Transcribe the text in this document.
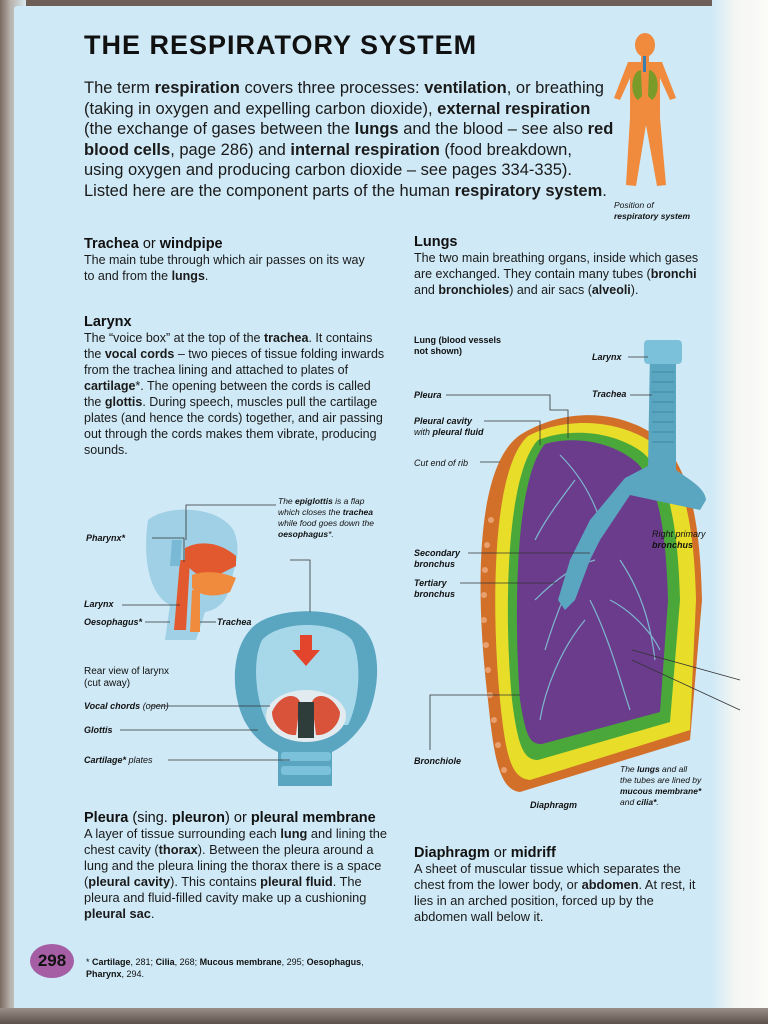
THE RESPIRATORY SYSTEM
The term respiration covers three processes: ventilation, or breathing (taking in oxygen and expelling carbon dioxide), external respiration (the exchange of gases between the lungs and the blood – see also red blood cells, page 286) and internal respiration (food breakdown, using oxygen and producing carbon dioxide – see pages 334-335). Listed here are the component parts of the human respiratory system.
Position of
respiratory system
Trachea or windpipe
The main tube through which air passes on its way to and from the lungs.
Larynx
The “voice box” at the top of the trachea. It contains the vocal cords – two pieces of tissue folding inwards from the trachea lining and attached to plates of cartilage*. The opening between the cords is called the glottis. During speech, muscles pull the cartilage plates (and hence the cords) together, and air passing out through the cords makes them vibrate, producing sounds.
Lungs
The two main breathing organs, inside which gases are exchanged. They contain many tubes (bronchi and bronchioles) and air sacs (alveoli).
The epiglottis is a flap which closes the trachea while food goes down the oesophagus*.
Pharynx*
Larynx
Oesophagus*	Trachea
Rear view of larynx
(cut away)
Vocal chords (open)
Glottis
Cartilage* plates
Lung (blood vessels
not shown)
Larynx
Trachea
Pleura
Pleural cavity
with pleural fluid
Cut end of rib
Right primary
bronchus
Secondary
bronchus
Tertiary
bronchus
Bronchiole
Diaphragm
The lungs and all
the tubes are lined by
mucous membrane*
and cilia*.
Pleura (sing. pleuron) or pleural membrane
A layer of tissue surrounding each lung and lining the chest cavity (thorax). Between the pleura around a lung and the pleura lining the thorax there is a space (pleural cavity). This contains pleural fluid. The pleura and fluid-filled cavity make up a cushioning pleural sac.
Diaphragm or midriff
A sheet of muscular tissue which separates the chest from the lower body, or abdomen. At rest, it lies in an arched position, forced up by the abdomen wall below it.
298	* Cartilage, 281; Cilia, 268; Mucous membrane, 295; Oesophagus, Pharynx, 294.
